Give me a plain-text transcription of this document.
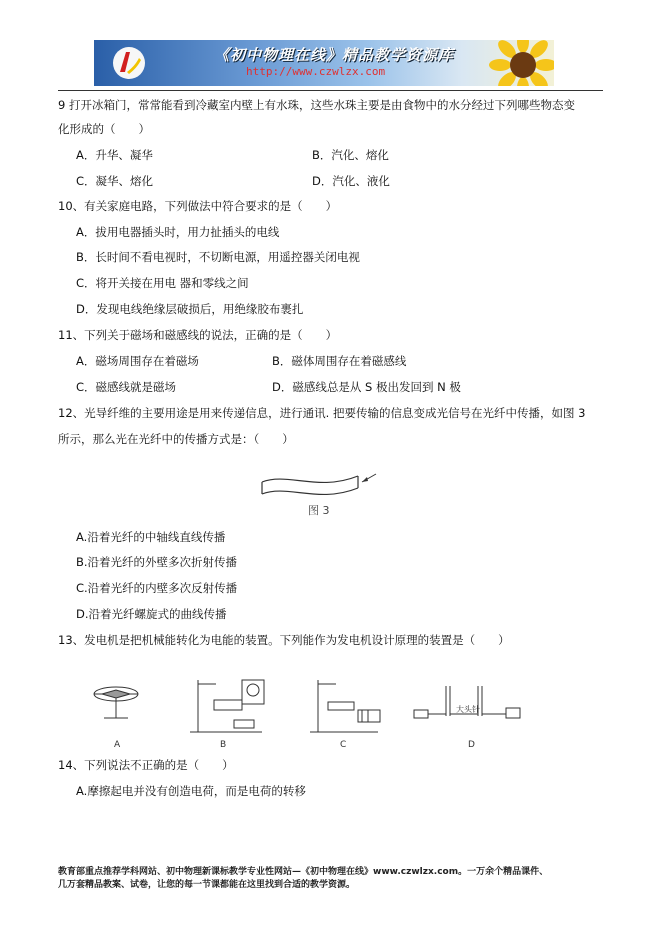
《初中物理在线》精品教学资源库
http://www.czwlzx.com
9 打开冰箱门，常常能看到冷藏室内壁上有水珠，这些水珠主要是由食物中的水分经过下列哪些物态变
化形成的（　　）
A．升华、凝华	B．汽化、熔化
C．凝华、熔化	D．汽化、液化
10、有关家庭电路，下列做法中符合要求的是（　　）
A．拔用电器插头时，用力扯插头的电线
B．长时间不看电视时，不切断电源，用遥控器关闭电视
C．将开关接在用电 器和零线之间
D．发现电线绝缘层破损后，用绝缘胶布裹扎
11、下列关于磁场和磁感线的说法，正确的是（　　）
A．磁场周围存在着磁场	B．磁体周围存在着磁感线
C．磁感线就是磁场	D．磁感线总是从 S 极出发回到 N 极
12、光导纤维的主要用途是用来传递信息，进行通讯. 把要传输的信息变成光信号在光纤中传播，如图 3
所示，那么光在光纤中的传播方式是：（　　）
图 3
A.沿着光纤的中轴线直线传播
B.沿着光纤的外壁多次折射传播
C.沿着光纤的内壁多次反射传播
D.沿着光纤螺旋式的曲线传播
13、发电机是把机械能转化为电能的装置。下列能作为发电机设计原理的装置是（　　）
A	B	C	D
大头针
14、下列说法不正确的是（　　）
A.摩擦起电并没有创造电荷，而是电荷的转移
教育部重点推荐学科网站、初中物理新课标教学专业性网站—《初中物理在线》www.czwlzx.com。一万余个精品课件、
几万套精品教案、试卷，让您的每一节课都能在这里找到合适的教学资源。
